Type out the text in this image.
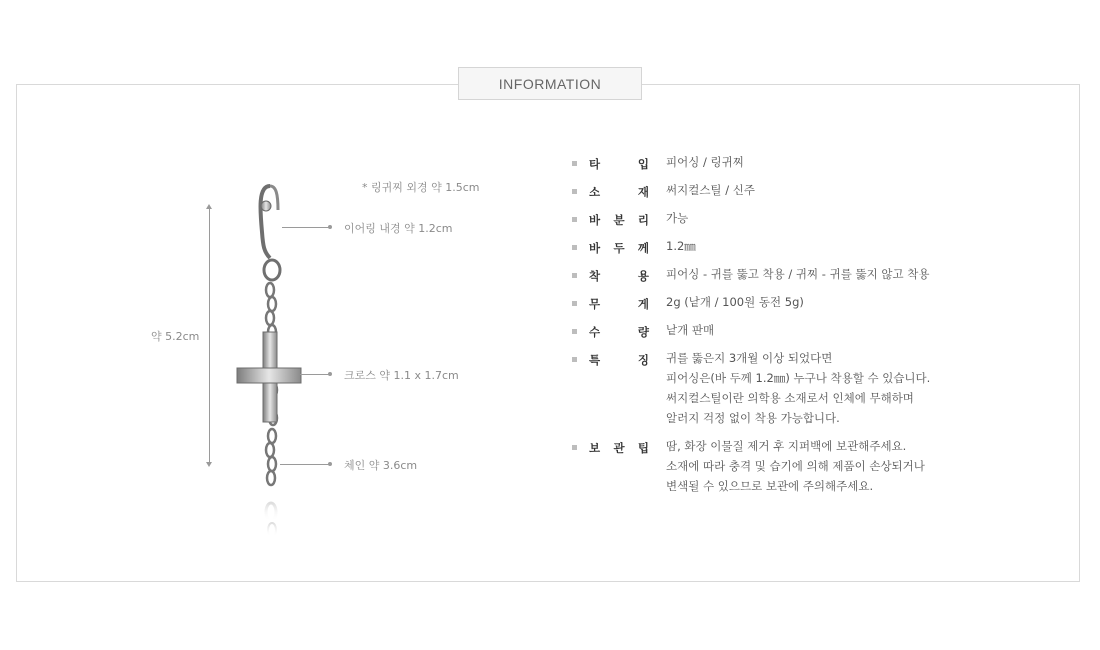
INFORMATION
* 링귀찌 외경 약 1.5cm
이어링 내경 약 1.2cm
약 5.2cm
크로스 약 1.1 x 1.7cm
체인 약 3.6cm
타	입 피어싱 / 링귀찌
소	재 써지컬스틸 / 신주
바 분 리 가능
바 두 께 1.2㎜
착	용 피어싱 - 귀를 뚫고 착용 / 귀찌 - 귀를 뚫지 않고 착용
무	게 2g (낱개 / 100원 동전 5g)
수	량 낱개 판매
특	징 귀를 뚫은지 3개월 이상 되었다면
피어싱은(바 두께 1.2㎜) 누구나 착용할 수 있습니다.
써지컬스틸이란 의학용 소재로서 인체에 무해하며
알러지 걱정 없이 착용 가능합니다.
보 관 팁 땀, 화장 이물질 제거 후 지퍼백에 보관해주세요.
소재에 따라 충격 및 습기에 의해 제품이 손상되거나
변색될 수 있으므로 보관에 주의해주세요.
